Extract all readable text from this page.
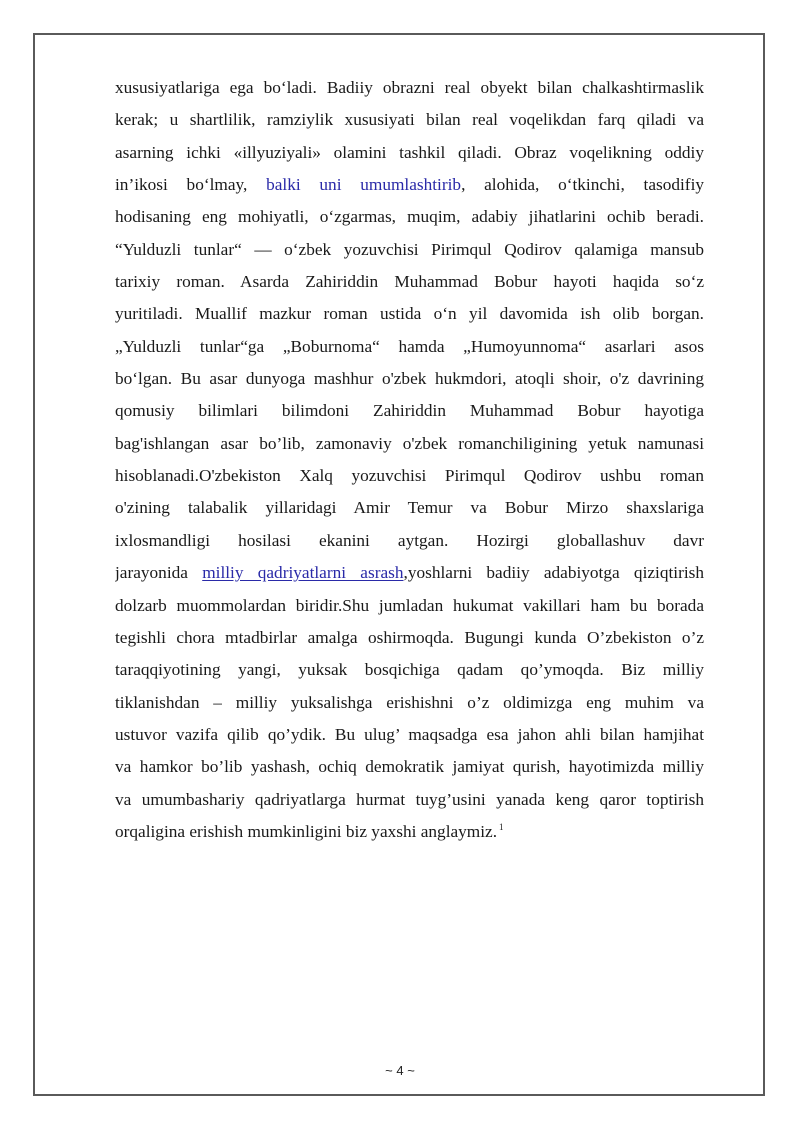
xususiyatlariga ega bo‘ladi. Badiiy obrazni real obyekt bilan chalkashtirmaslik
kerak; u shartlilik, ramziylik xususiyati bilan real voqelikdan farq qiladi va
asarning ichki «illyuziyali» olamini tashkil qiladi. Obraz voqelikning oddiy
in’ikosi bo‘lmay, balki uni umumlashtirib, alohida, o‘tkinchi, tasodifiy
hodisaning eng mohiyatli, o‘zgarmas, muqim, adabiy jihatlarini ochib beradi.
“Yulduzli tunlar“ — o‘zbek yozuvchisi Pirimqul Qodirov qalamiga mansub
tarixiy roman. Asarda Zahiriddin Muhammad Bobur hayoti haqida so‘z
yuritiladi. Muallif mazkur roman ustida o‘n yil davomida ish olib borgan.
„Yulduzli tunlar“ga „Boburnoma“ hamda „Humoyunnoma“ asarlari asos
bo‘lgan. Bu asar dunyoga mashhur o'zbek hukmdori, atoqli shoir, o'z davrining
qomusiy bilimlari bilimdoni Zahiriddin Muhammad Bobur hayotiga
bag'ishlangan asar bo’lib, zamonaviy o'zbek romanchiligining yetuk namunasi
hisoblanadi.O'zbekiston Xalq yozuvchisi Pirimqul Qodirov ushbu roman
o'zining talabalik yillaridagi Amir Temur va Bobur Mirzo shaxslariga
ixlosmandligi hosilasi ekanini aytgan. Hozirgi globallashuv davr
jarayonida milliy qadriyatlarni asrash,yoshlarni badiiy adabiyotga qiziqtirish
dolzarb muommolardan biridir.Shu jumladan hukumat vakillari ham bu borada
tegishli chora mtadbirlar amalga oshirmoqda. Bugungi kunda O’zbekiston o’z
taraqqiyotining yangi, yuksak bosqichiga qadam qo’ymoqda. Biz milliy
tiklanishdan – milliy yuksalishga erishishni o’z oldimizga eng muhim va
ustuvor vazifa qilib qo’ydik. Bu ulug’ maqsadga esa jahon ahli bilan hamjihat
va hamkor bo’lib yashash, ochiq demokratik jamiyat qurish, hayotimizda milliy
va umumbashariy qadriyatlarga hurmat tuyg’usini yanada keng qaror toptirish
orqaligina erishish mumkinligini biz yaxshi anglaymiz. $^1$
~ 4 ~
